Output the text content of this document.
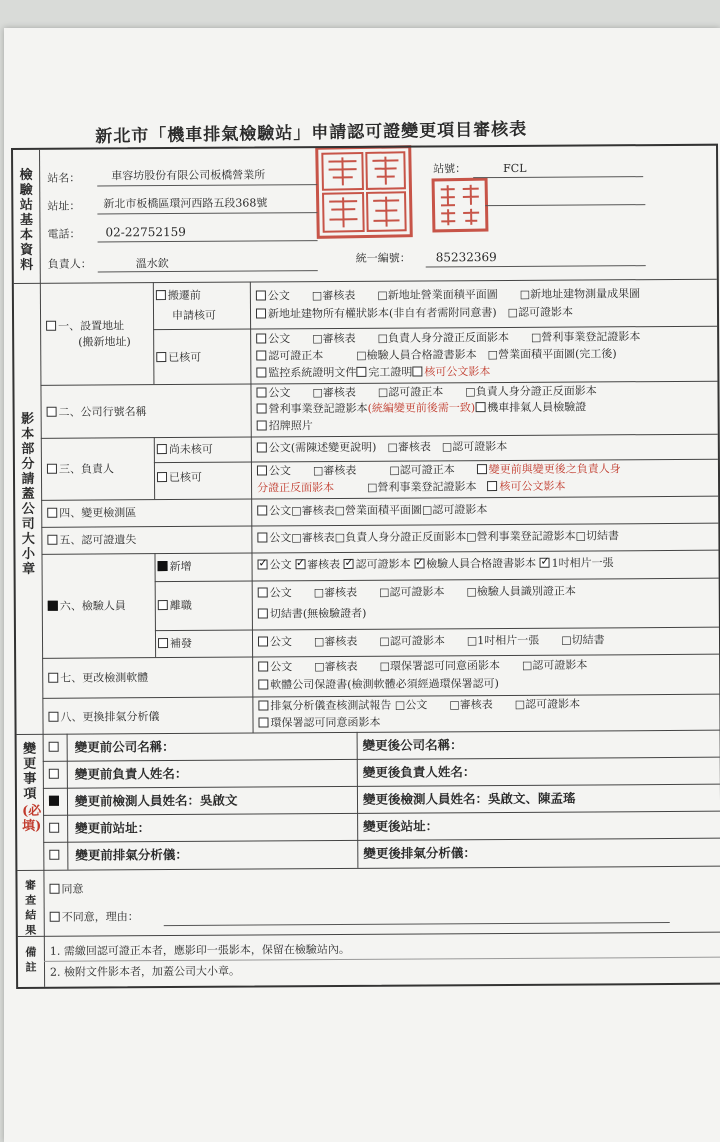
新北市「機車排氣檢驗站」申請認可證變更項目審核表
檢驗站基本資料
影本部分請蓋公司大小章
變更事項
(必填)
審查結果
備註
站名：	車容坊股份有限公司板橋營業所	站號：	FCL
站址： 新北市板橋區環河西路五段368號
電話： 02-22752159
負責人：	溫水欽	統一編號： 85232369
一、設置地址
(搬新地址)
搬遷前
申請核可
公文　　□審核表　　□新地址營業面積平面圖　　□新地址建物測量成果圖
新地址建物所有權狀影本(非自有者需附同意書)　□認可證影本
已核可
公文　　□審核表　　□負責人身分證正反面影本　　□營利事業登記證影本
認可證正本　　　□檢驗人員合格證書影本　□營業面積平面圖(完工後)
監控系統證明文件 完工證明 核可公文影本
二、公司行號名稱
公文　　□審核表　　□認可證正本　　□負責人身分證正反面影本
營利事業登記證影本(統編變更前後需一致) 機車排氣人員檢驗證
招牌照片
三、負責人
尚未核可	公文(需陳述變更說明)　□審核表　□認可證影本
已核可
公文　　□審核表　　　□認可證正本　　變更前與變更後之負責人身
分證正反面影本　　　□營利事業登記證影本　核可公文影本
四、變更檢測區	公文□審核表□營業面積平面圖□認可證影本
五、認可證遺失	公文□審核表□負責人身分證正反面影本□營利事業登記證影本□切結書
六、檢驗人員
新增 ✓	公文 ✓ 審核表 ✓ 認可證影本 ✓ 檢驗人員合格證書影本 ✓ 1吋相片一張
離職
公文　　□審核表　　□認可證影本　　□檢驗人員識別證正本
切結書(無檢驗證者)
補發	公文　　□審核表　　□認可證影本　　□1吋相片一張　　□切結書
七、更改檢測軟體
公文　　□審核表　　□環保署認可同意函影本　　□認可證影本
軟體公司保證書(檢測軟體必須經過環保署認可)
八、更換排氣分析儀
排氣分析儀查核測試報告 □公文　　□審核表　　□認可證影本
環保署認可同意函影本
變更前公司名稱：	變更後公司名稱：
變更前負責人姓名：	變更後負責人姓名：
變更前檢測人員姓名：吳啟文	變更後檢測人員姓名：吳啟文、陳孟瑤
變更前站址：	變更後站址：
變更前排氣分析儀：	變更後排氣分析儀：
同意
不同意，理由：
1. 需繳回認可證正本者，應影印一張影本，保留在檢驗站內。
2. 檢附文件影本者，加蓋公司大小章。
